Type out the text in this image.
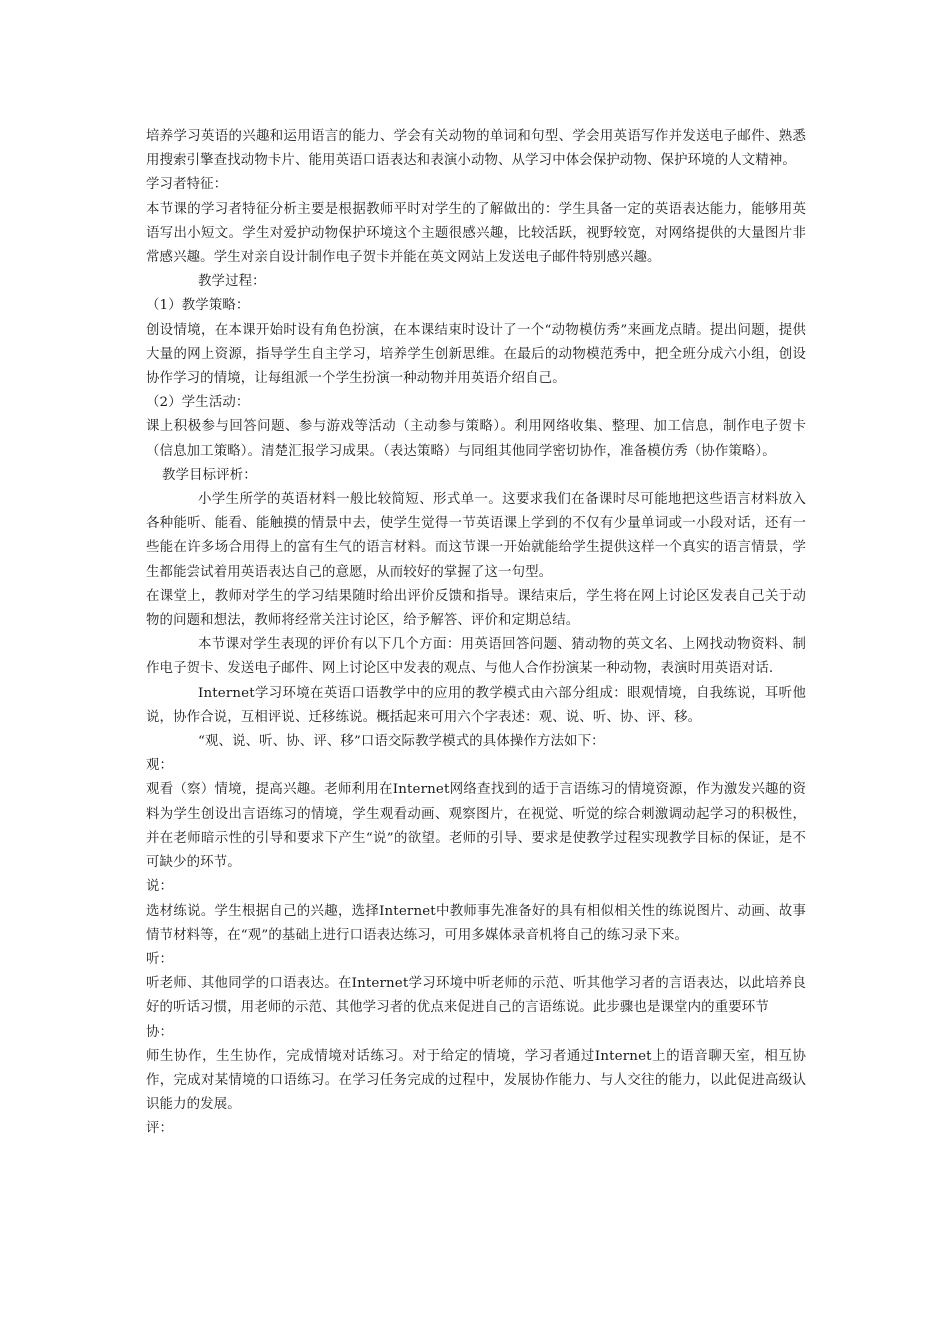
培养学习英语的兴趣和运用语言的能力、学会有关动物的单词和句型、学会用英语写作并发送电子邮件、熟悉用搜索引擎查找动物卡片、能用英语口语表达和表演小动物、从学习中体会保护动物、保护环境的人文精神。

学习者特征：

本节课的学习者特征分析主要是根据教师平时对学生的了解做出的：学生具备一定的英语表达能力，能够用英语写出小短文。学生对爱护动物保护环境这个主题很感兴趣，比较活跃，视野较宽，对网络提供的大量图片非常感兴趣。学生对亲自设计制作电子贺卡并能在英文网站上发送电子邮件特别感兴趣。

教学过程：

（1）教学策略：

创设情境，在本课开始时设有角色扮演，在本课结束时设计了一个“动物模仿秀”来画龙点睛。提出问题，提供大量的网上资源，指导学生自主学习，培养学生创新思维。在最后的动物模范秀中，把全班分成六小组，创设协作学习的情境，让每组派一个学生扮演一种动物并用英语介绍自己。

（2）学生活动：

课上积极参与回答问题、参与游戏等活动（主动参与策略）。利用网络收集、整理、加工信息，制作电子贺卡（信息加工策略）。清楚汇报学习成果。（表达策略）与同组其他同学密切协作，准备模仿秀（协作策略）。

教学目标评析：

小学生所学的英语材料一般比较简短、形式单一。这要求我们在备课时尽可能地把这些语言材料放入各种能听、能看、能触摸的情景中去，使学生觉得一节英语课上学到的不仅有少量单词或一小段对话，还有一些能在许多场合用得上的富有生气的语言材料。而这节课一开始就能给学生提供这样一个真实的语言情景，学生都能尝试着用英语表达自己的意愿，从而较好的掌握了这一句型。

在课堂上，教师对学生的学习结果随时给出评价反馈和指导。课结束后，学生将在网上讨论区发表自己关于动物的问题和想法，教师将经常关注讨论区，给予解答、评价和定期总结。

本节课对学生表现的评价有以下几个方面：用英语回答问题、猜动物的英文名、上网找动物资料、制作电子贺卡、发送电子邮件、网上讨论区中发表的观点、与他人合作扮演某一种动物，表演时用英语对话.

Internet学习环境在英语口语教学中的应用的教学模式由六部分组成：眼观情境，自我练说，耳听他说，协作合说，互相评说、迁移练说。概括起来可用六个字表述：观、说、听、协、评、移。

“观、说、听、协、评、移”口语交际教学模式的具体操作方法如下：

观：

观看（察）情境，提高兴趣。老师利用在Internet网络查找到的适于言语练习的情境资源，作为激发兴趣的资料为学生创设出言语练习的情境，学生观看动画、观察图片，在视觉、听觉的综合刺激调动起学习的积极性，并在老师暗示性的引导和要求下产生“说”的欲望。老师的引导、要求是使教学过程实现教学目标的保证，是不可缺少的环节。

说：

选材练说。学生根据自己的兴趣，选择Internet中教师事先准备好的具有相似相关性的练说图片、动画、故事情节材料等，在“观”的基础上进行口语表达练习，可用多媒体录音机将自己的练习录下来。

听：

听老师、其他同学的口语表达。在Internet学习环境中听老师的示范、听其他学习者的言语表达，以此培养良好的听话习惯，用老师的示范、其他学习者的优点来促进自己的言语练说。此步骤也是课堂内的重要环节

协：

师生协作，生生协作，完成情境对话练习。对于给定的情境，学习者通过Internet上的语音聊天室，相互协作，完成对某情境的口语练习。在学习任务完成的过程中，发展协作能力、与人交往的能力，以此促进高级认识能力的发展。

评：
